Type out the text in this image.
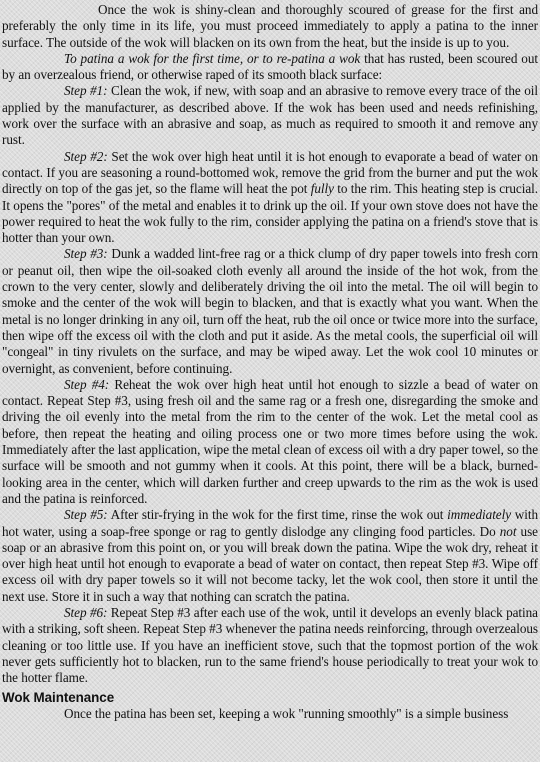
Once the wok is shiny-clean and thoroughly scoured of grease for the first and preferably the only time in its life, you must proceed immediately to apply a patina to the inner surface. The outside of the wok will blacken on its own from the heat, but the inside is up to you.

To patina a wok for the first time, or to re-patina a wok that has rusted, been scoured out by an overzealous friend, or otherwise raped of its smooth black surface:

Step #1: Clean the wok, if new, with soap and an abrasive to remove every trace of the oil applied by the manufacturer, as described above. If the wok has been used and needs refinishing, work over the surface with an abrasive and soap, as much as required to smooth it and remove any rust.

Step #2: Set the wok over high heat until it is hot enough to evaporate a bead of water on contact. If you are seasoning a round-bottomed wok, remove the grid from the burner and put the wok directly on top of the gas jet, so the flame will heat the pot fully to the rim. This heating step is crucial. It opens the "pores" of the metal and enables it to drink up the oil. If your own stove does not have the power required to heat the wok fully to the rim, consider applying the patina on a friend's stove that is hotter than your own.

Step #3: Dunk a wadded lint-free rag or a thick clump of dry paper towels into fresh corn or peanut oil, then wipe the oil-soaked cloth evenly all around the inside of the hot wok, from the crown to the very center, slowly and deliberately driving the oil into the metal. The oil will begin to smoke and the center of the wok will begin to blacken, and that is exactly what you want. When the metal is no longer drinking in any oil, turn off the heat, rub the oil once or twice more into the surface, then wipe off the excess oil with the cloth and put it aside. As the metal cools, the superficial oil will "congeal" in tiny rivulets on the surface, and may be wiped away. Let the wok cool 10 minutes or overnight, as convenient, before continuing.

Step #4: Reheat the wok over high heat until hot enough to sizzle a bead of water on contact. Repeat Step #3, using fresh oil and the same rag or a fresh one, disregarding the smoke and driving the oil evenly into the metal from the rim to the center of the wok. Let the metal cool as before, then repeat the heating and oiling process one or two more times before using the wok. Immediately after the last application, wipe the metal clean of excess oil with a dry paper towel, so the surface will be smooth and not gummy when it cools. At this point, there will be a black, burned-looking area in the center, which will darken further and creep upwards to the rim as the wok is used and the patina is reinforced.

Step #5: After stir-frying in the wok for the first time, rinse the wok out immediately with hot water, using a soap-free sponge or rag to gently dislodge any clinging food particles. Do not use soap or an abrasive from this point on, or you will break down the patina. Wipe the wok dry, reheat it over high heat until hot enough to evaporate a bead of water on contact, then repeat Step #3. Wipe off excess oil with dry paper towels so it will not become tacky, let the wok cool, then store it until the next use. Store it in such a way that nothing can scratch the patina.

Step #6: Repeat Step #3 after each use of the wok, until it develops an evenly black patina with a striking, soft sheen. Repeat Step #3 whenever the patina needs reinforcing, through overzealous cleaning or too little use. If you have an inefficient stove, such that the topmost portion of the wok never gets sufficiently hot to blacken, run to the same friend's house periodically to treat your wok to the hotter flame.

Wok Maintenance

Once the patina has been set, keeping a wok "running smoothly" is a simple business
